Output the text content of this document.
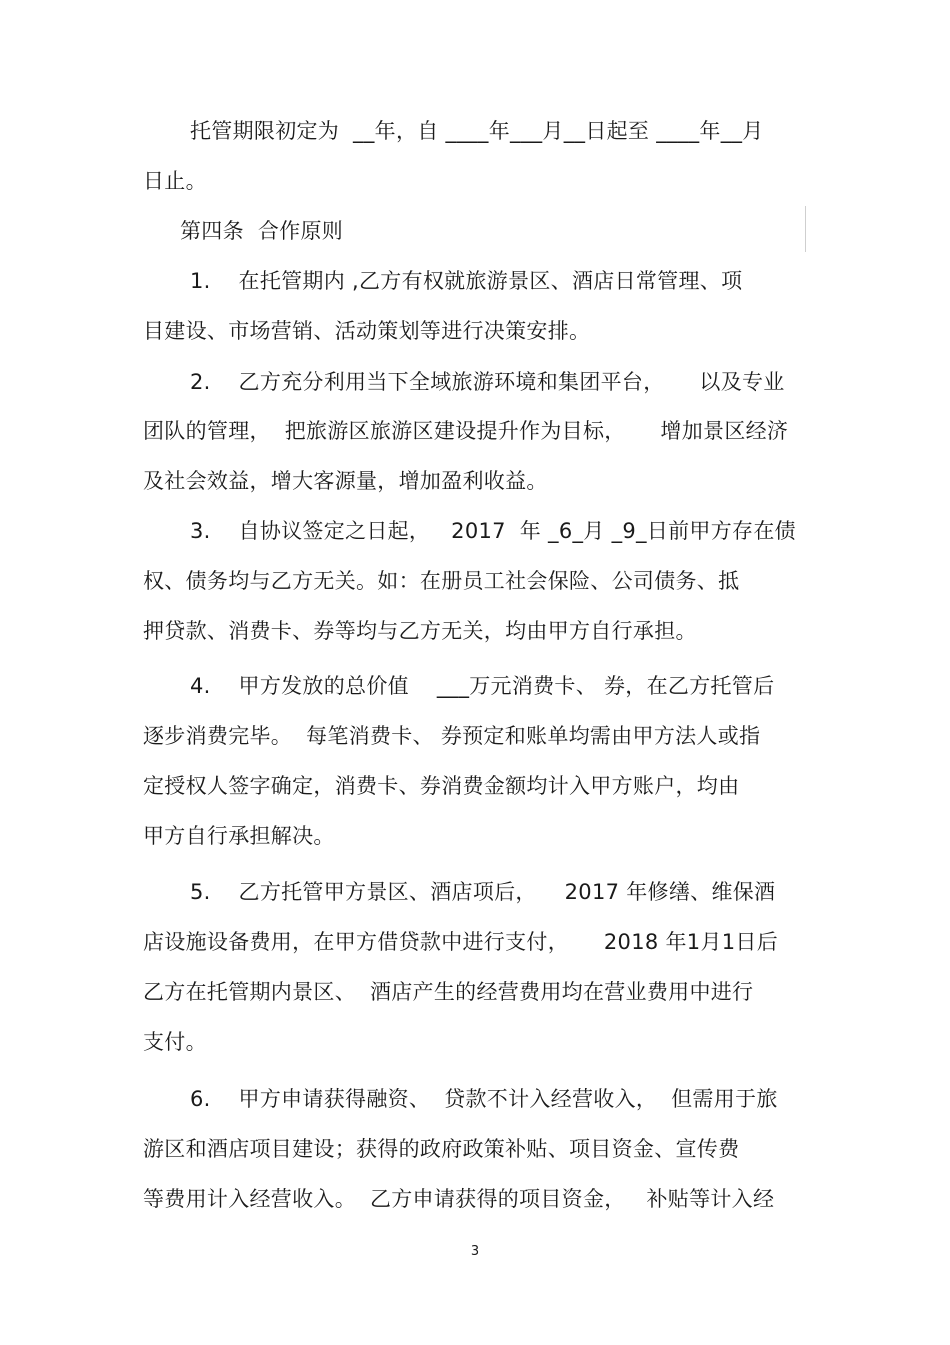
托管期限初定为  __年，自 ____年___月__日起至 ____年__月
日止。
第四条  合作原则
1.    在托管期内 ,乙方有权就旅游景区、酒店日常管理、项
目建设、市场营销、活动策划等进行决策安排。
2.    乙方充分利用当下全域旅游环境和集团平台，     以及专业
团队的管理，  把旅游区旅游区建设提升作为目标，     增加景区经济
及社会效益，增大客源量，增加盈利收益。
3.    自协议签定之日起，   2017  年 _6_月 _9_日前甲方存在债
权、债务均与乙方无关。如：在册员工社会保险、公司债务、抵
押贷款、消费卡、券等均与乙方无关，均由甲方自行承担。
4.    甲方发放的总价值    ___万元消费卡、 券，在乙方托管后
逐步消费完毕。  每笔消费卡、 券预定和账单均需由甲方法人或指
定授权人签字确定，消费卡、券消费金额均计入甲方账户，均由
甲方自行承担解决。
5.    乙方托管甲方景区、酒店项后，    2017 年修缮、维保酒
店设施设备费用，在甲方借贷款中进行支付，     2018 年1月1日后
乙方在托管期内景区、  酒店产生的经营费用均在营业费用中进行
支付。
6.    甲方申请获得融资、  贷款不计入经营收入，  但需用于旅
游区和酒店项目建设；获得的政府政策补贴、项目资金、宣传费
等费用计入经营收入。  乙方申请获得的项目资金，   补贴等计入经
3
